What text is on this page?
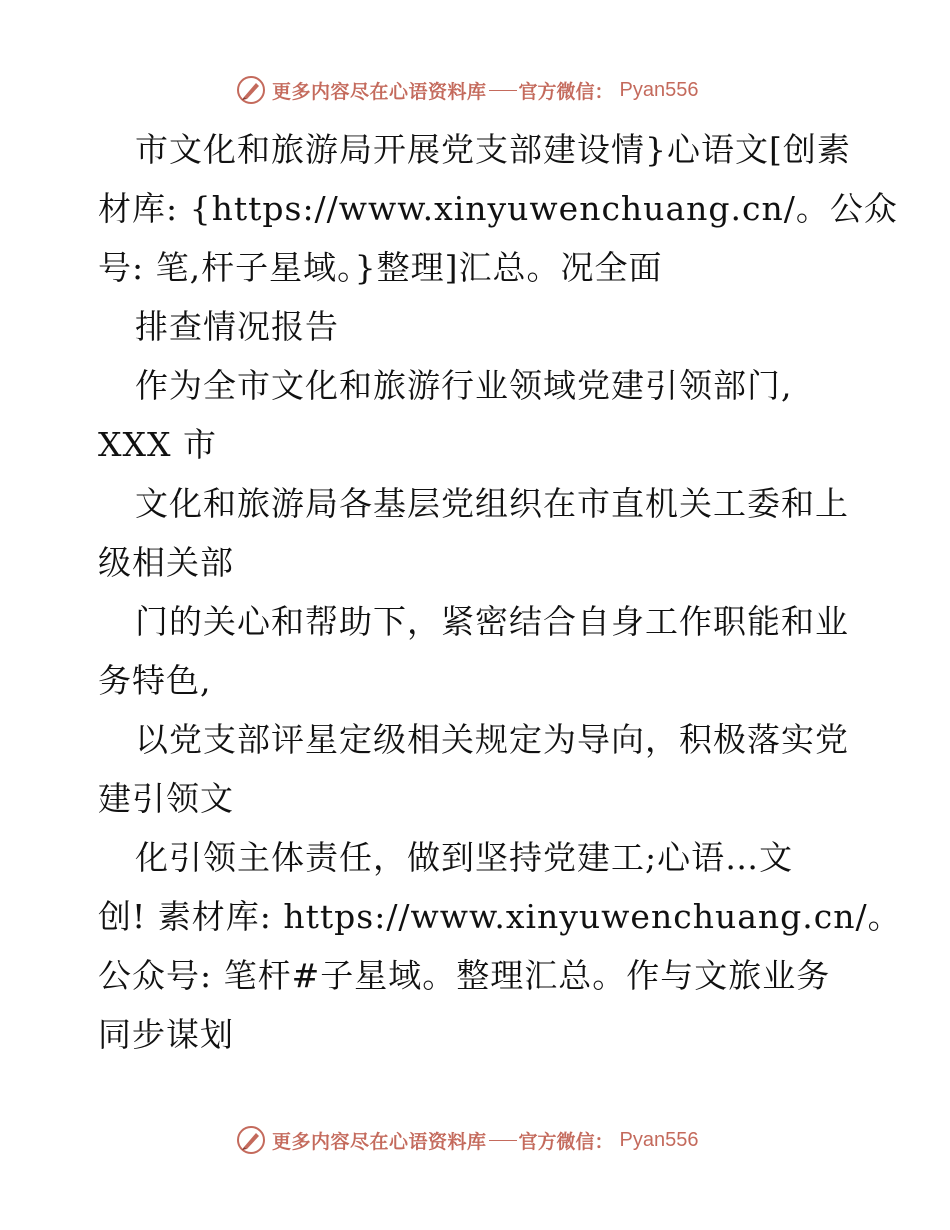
更多内容尽在心语资料库 官方微信： Pyan556
市文化和旅游局开展党支部建设情}心语文[创素
材库: {https://www.xinyuwenchuang.cn/。公众
号: 笔,杆子星域。}整理]汇总。况全面
排查情况报告
作为全市文化和旅游行业领域党建引领部门,
XXX 市
文化和旅游局各基层党组织在市直机关工委和上
级相关部
门的关心和帮助下，紧密结合自身工作职能和业
务特色,
以党支部评星定级相关规定为导向，积极落实党
建引领文
化引领主体责任，做到坚持党建工;心语…文
创! 素材库: https://www.xinyuwenchuang.cn/。
公众号: 笔杆#子星域。整理汇总。作与文旅业务
同步谋划
更多内容尽在心语资料库 官方微信： Pyan556
